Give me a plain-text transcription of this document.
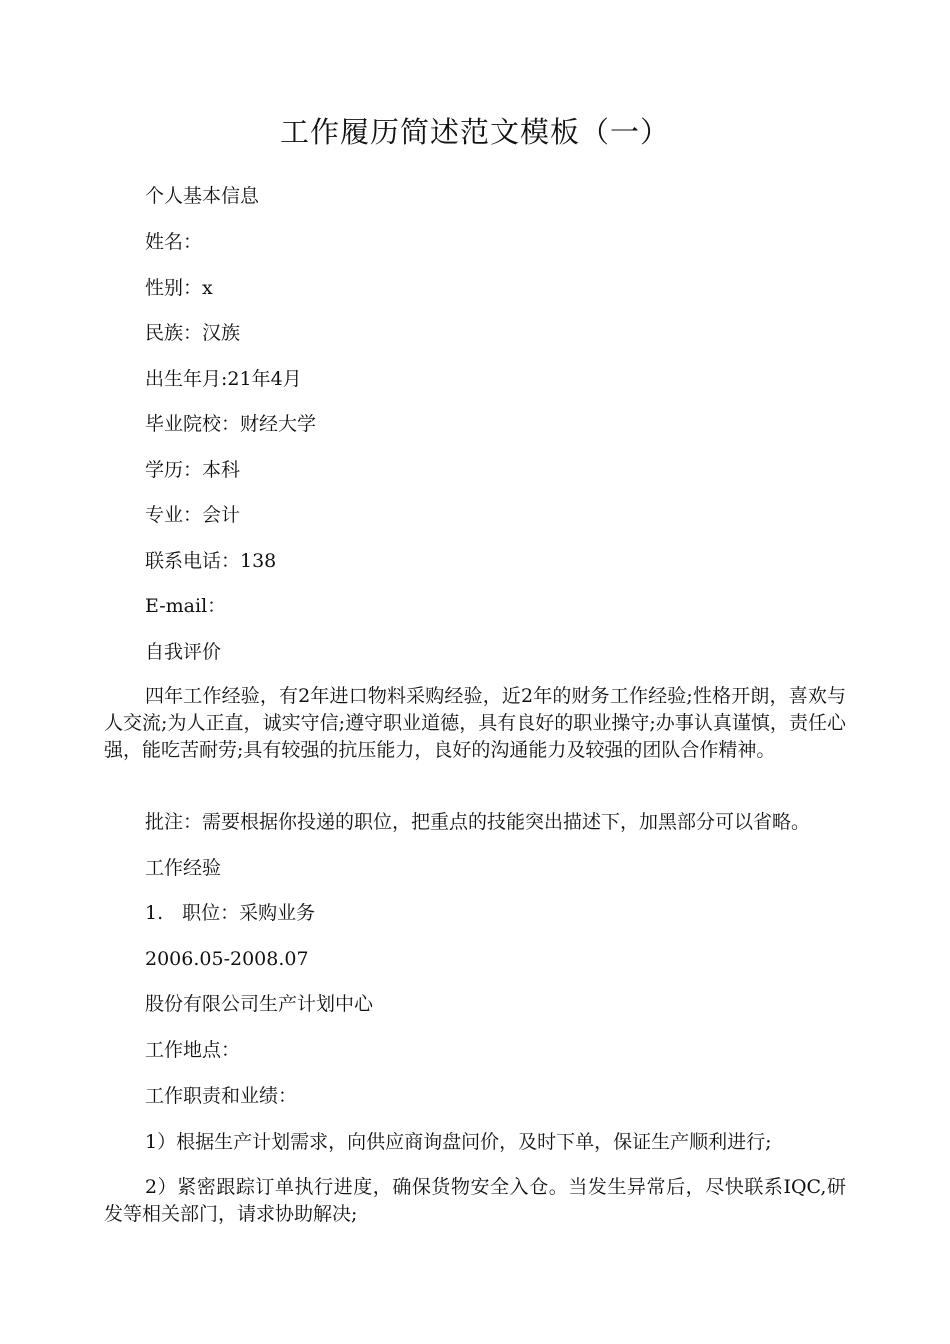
工作履历简述范文模板（一）
个人基本信息
姓名：
性别：x
民族：汉族
出生年月:21年4月
毕业院校：财经大学
学历：本科
专业：会计
联系电话：138
E-mail：
自我评价
四年工作经验，有2年进口物料采购经验，近2年的财务工作经验;性格开朗，喜欢与人交流;为人正直，诚实守信;遵守职业道德，具有良好的职业操守;办事认真谨慎，责任心强，能吃苦耐劳;具有较强的抗压能力，良好的沟通能力及较强的团队合作精神。
批注：需要根据你投递的职位，把重点的技能突出描述下，加黑部分可以省略。
工作经验
1.　职位：采购业务
2006.05-2008.07
股份有限公司生产计划中心
工作地点：
工作职责和业绩：
1）根据生产计划需求，向供应商询盘问价，及时下单，保证生产顺利进行;
2）紧密跟踪订单执行进度，确保货物安全入仓。当发生异常后，尽快联系IQC,研发等相关部门，请求协助解决;
